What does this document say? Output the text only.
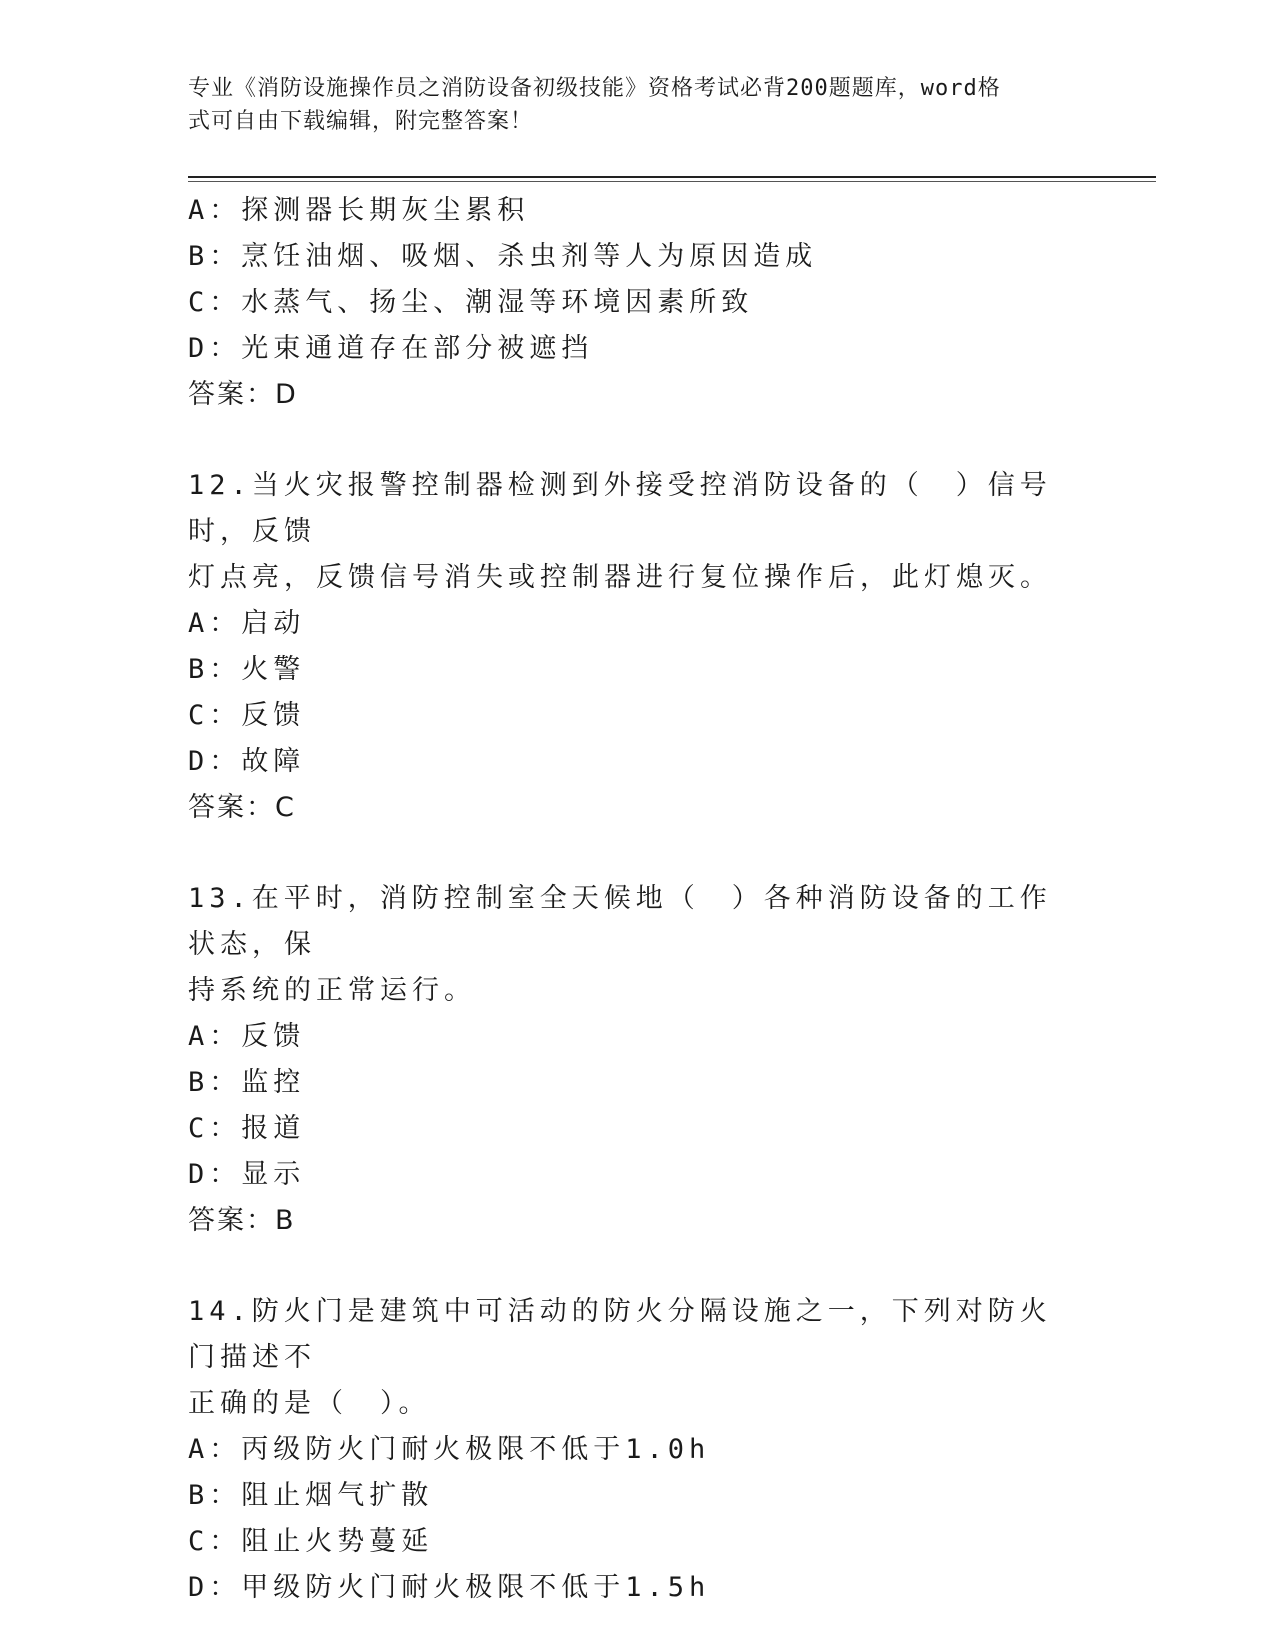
专业《消防设施操作员之消防设备初级技能》资格考试必背200题题库，word格
式可自由下载编辑，附完整答案！
A：探测器长期灰尘累积
B：烹饪油烟、吸烟、杀虫剂等人为原因造成
C：水蒸气、扬尘、潮湿等环境因素所致
D：光束通道存在部分被遮挡
答案：D
12.当火灾报警控制器检测到外接受控消防设备的（　）信号时，反馈
灯点亮，反馈信号消失或控制器进行复位操作后，此灯熄灭。
A：启动
B：火警
C：反馈
D：故障
答案：C
13.在平时，消防控制室全天候地（　）各种消防设备的工作状态，保
持系统的正常运行。
A：反馈
B：监控
C：报道
D：显示
答案：B
14.防火门是建筑中可活动的防火分隔设施之一，下列对防火门描述不
正确的是（　）。
A：丙级防火门耐火极限不低于1.0h
B：阻止烟气扩散
C：阻止火势蔓延
D：甲级防火门耐火极限不低于1.5h
